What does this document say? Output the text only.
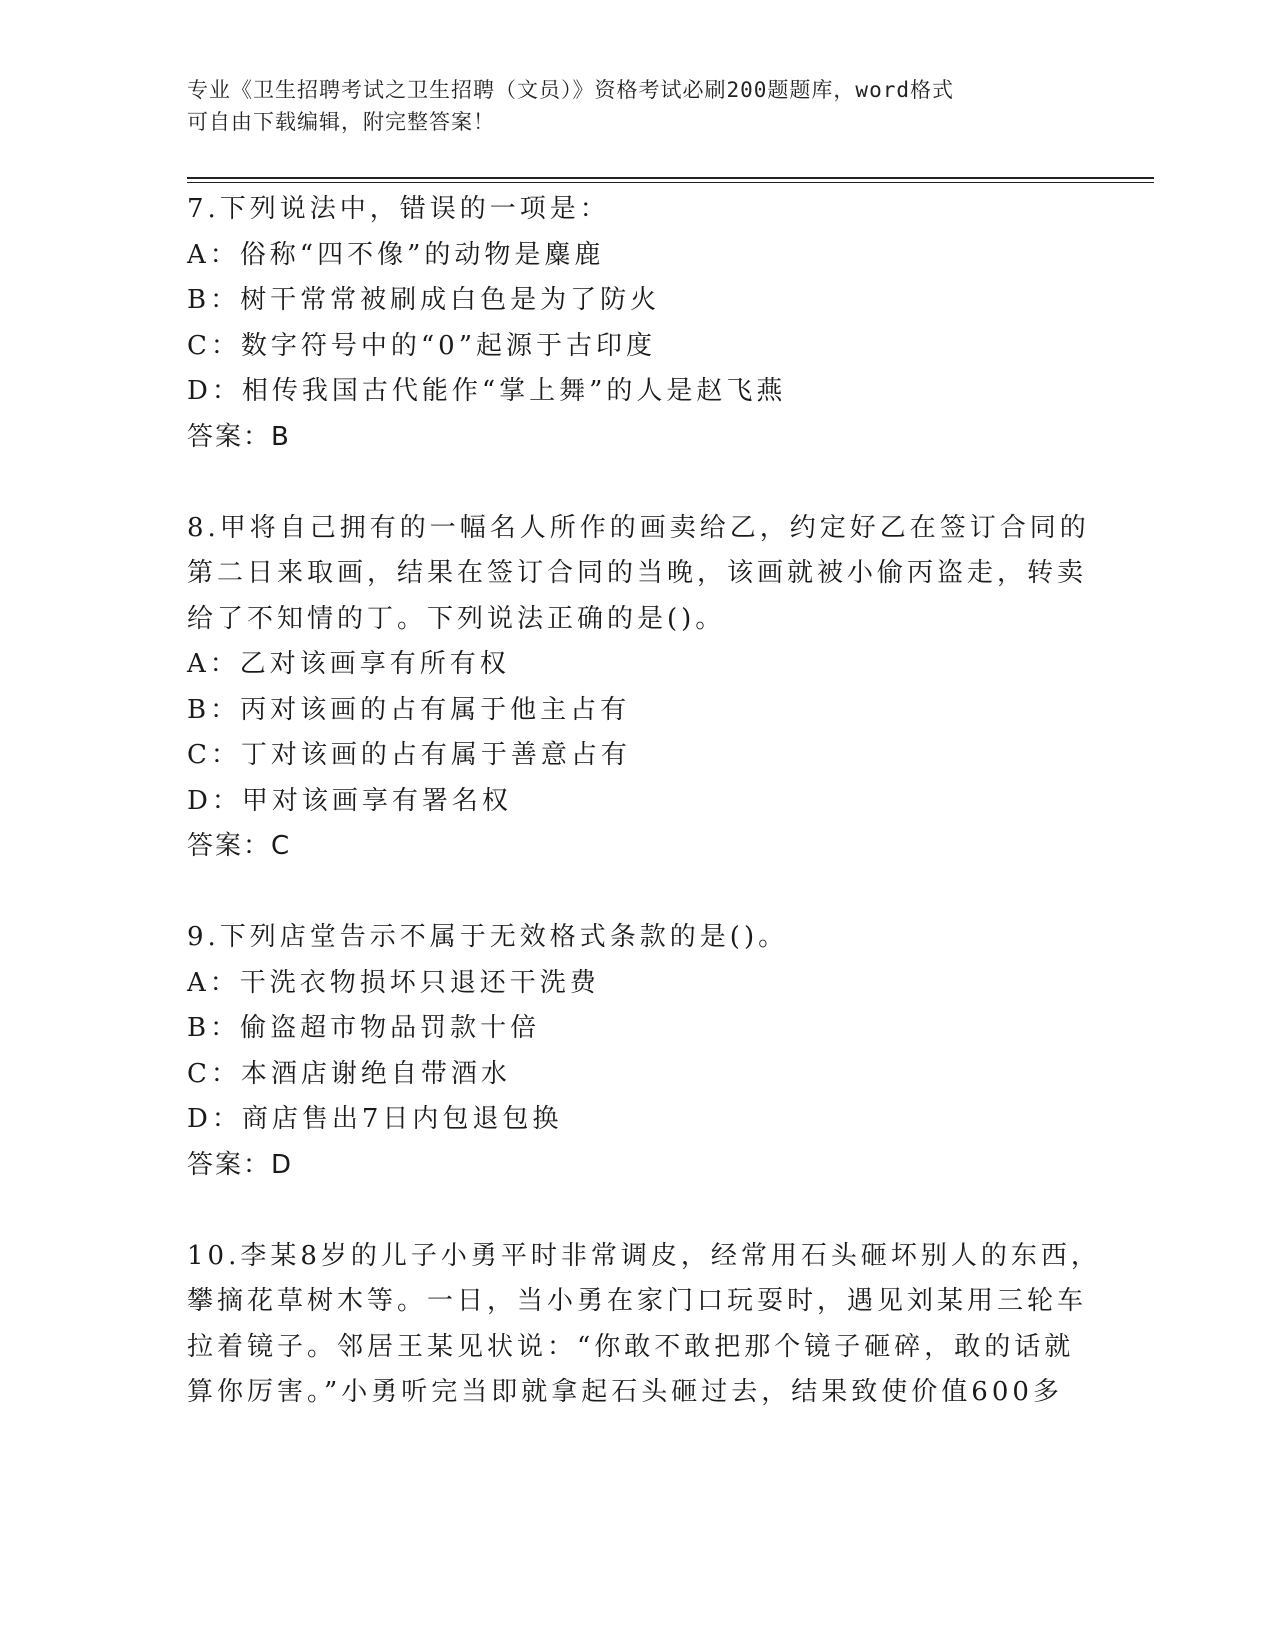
专业《卫生招聘考试之卫生招聘（文员）》资格考试必刷200题题库，word格式
可自由下载编辑，附完整答案！
7.下列说法中，错误的一项是：
A：俗称“四不像”的动物是麋鹿
B：树干常常被刷成白色是为了防火
C：数字符号中的“0”起源于古印度
D：相传我国古代能作“掌上舞”的人是赵飞燕
答案：B
8.甲将自己拥有的一幅名人所作的画卖给乙，约定好乙在签订合同的
第二日来取画，结果在签订合同的当晚，该画就被小偷丙盗走，转卖
给了不知情的丁。下列说法正确的是()。
A：乙对该画享有所有权
B：丙对该画的占有属于他主占有
C：丁对该画的占有属于善意占有
D：甲对该画享有署名权
答案：C
9.下列店堂告示不属于无效格式条款的是()。
A：干洗衣物损坏只退还干洗费
B：偷盗超市物品罚款十倍
C：本酒店谢绝自带酒水
D：商店售出7日内包退包换
答案：D
10.李某8岁的儿子小勇平时非常调皮，经常用石头砸坏别人的东西，
攀摘花草树木等。一日，当小勇在家门口玩耍时，遇见刘某用三轮车
拉着镜子。邻居王某见状说：“你敢不敢把那个镜子砸碎，敢的话就
算你厉害。”小勇听完当即就拿起石头砸过去，结果致使价值600多
